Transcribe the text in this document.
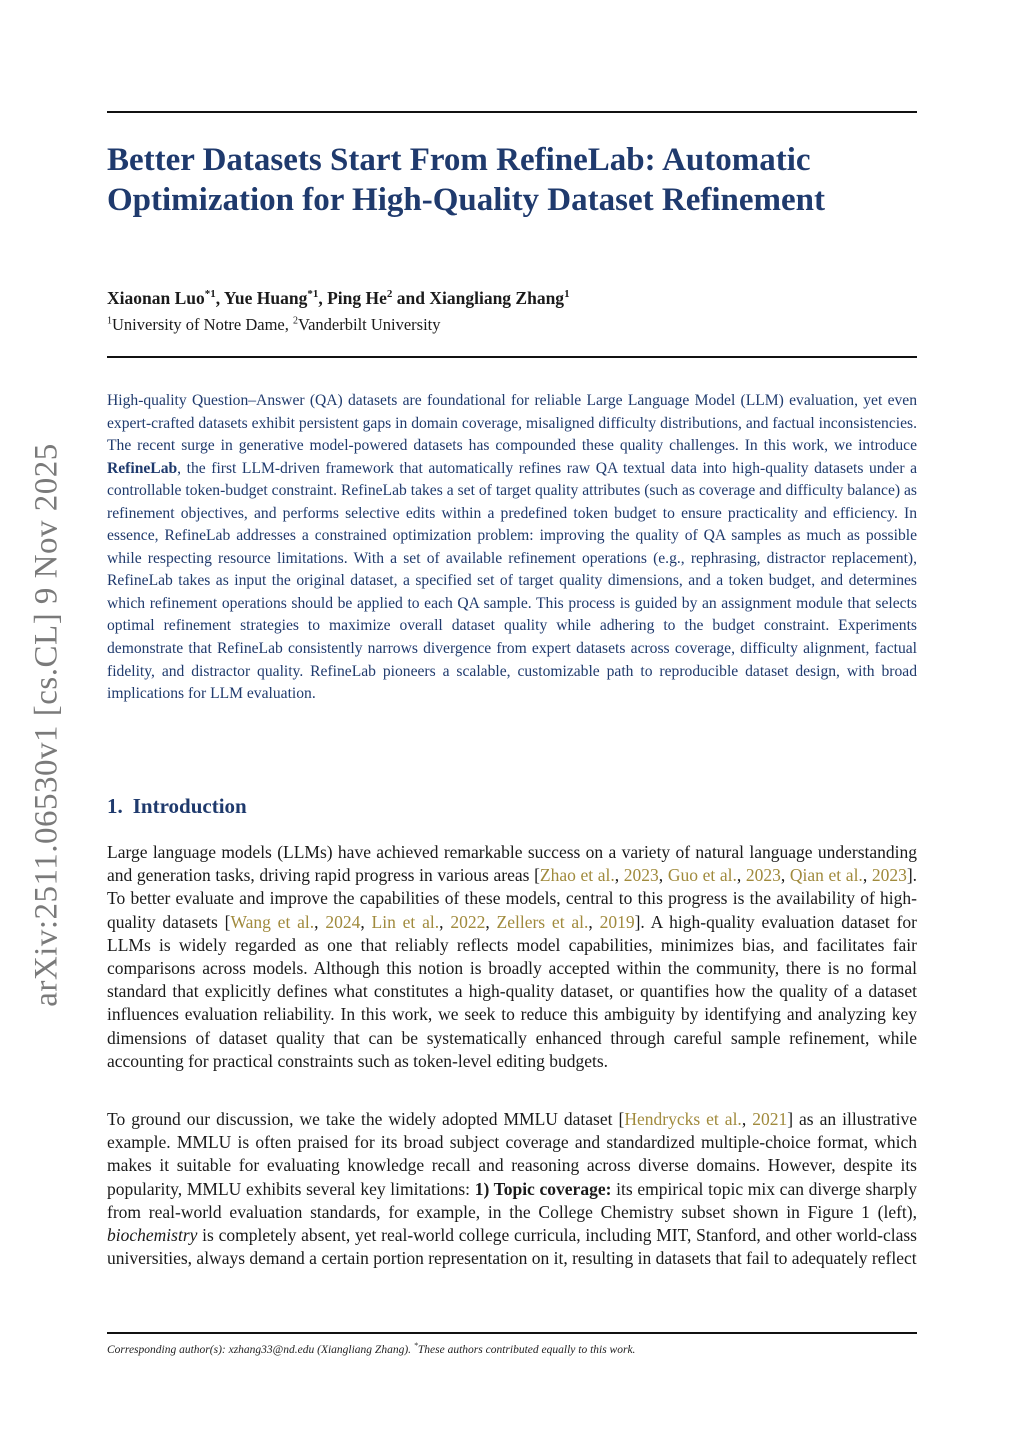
arXiv:2511.06530v1 [cs.CL] 9 Nov 2025
Better Datasets Start From RefineLab: Automatic Optimization for High-Quality Dataset Refinement
Xiaonan Luo$^{*1}$, Yue Huang$^{*1}$, Ping He$^2$ and Xiangliang Zhang$^1$
$^1$University of Notre Dame, $^2$Vanderbilt University

High-quality Question–Answer (QA) datasets are foundational for reliable Large Language Model (LLM) evaluation, yet even expert-crafted datasets exhibit persistent gaps in domain coverage, misaligned difficulty distributions, and factual inconsistencies. The recent surge in generative model-powered datasets has compounded these quality challenges. In this work, we introduce RefineLab, the first LLM-driven framework that automatically refines raw QA textual data into high-quality datasets under a controllable token-budget constraint. RefineLab takes a set of target quality attributes (such as coverage and difficulty balance) as refinement objectives, and performs selective edits within a predefined token budget to ensure practicality and efficiency. In essence, RefineLab addresses a constrained optimization problem: improving the quality of QA samples as much as possible while respecting resource limitations. With a set of available refinement operations (e.g., rephrasing, distractor replacement), RefineLab takes as input the original dataset, a specified set of target quality dimensions, and a token budget, and determines which refinement operations should be applied to each QA sample. This process is guided by an assignment module that selects optimal refinement strategies to maximize overall dataset quality while adhering to the budget constraint. Experiments demonstrate that RefineLab consistently narrows divergence from expert datasets across coverage, difficulty alignment, factual fidelity, and distractor quality. RefineLab pioneers a scalable, customizable path to reproducible dataset design, with broad implications for LLM evaluation.

1. Introduction

Large language models (LLMs) have achieved remarkable success on a variety of natural language understanding and generation tasks, driving rapid progress in various areas [Zhao et al., 2023, Guo et al., 2023, Qian et al., 2023]. To better evaluate and improve the capabilities of these models, central to this progress is the availability of high-quality datasets [Wang et al., 2024, Lin et al., 2022, Zellers et al., 2019]. A high-quality evaluation dataset for LLMs is widely regarded as one that reliably reflects model capabilities, minimizes bias, and facilitates fair comparisons across models. Although this notion is broadly accepted within the community, there is no formal standard that explicitly defines what constitutes a high-quality dataset, or quantifies how the quality of a dataset influences evaluation reliability. In this work, we seek to reduce this ambiguity by identifying and analyzing key dimensions of dataset quality that can be systematically enhanced through careful sample refinement, while accounting for practical constraints such as token-level editing budgets.

To ground our discussion, we take the widely adopted MMLU dataset [Hendrycks et al., 2021] as an illustrative example. MMLU is often praised for its broad subject coverage and standardized multiple-choice format, which makes it suitable for evaluating knowledge recall and reasoning across diverse domains. However, despite its popularity, MMLU exhibits several key limitations: 1) Topic coverage: its empirical topic mix can diverge sharply from real-world evaluation standards, for example, in the College Chemistry subset shown in Figure 1 (left), biochemistry is completely absent, yet real-world college curricula, including MIT, Stanford, and other world-class universities, always demand a certain portion representation on it, resulting in datasets that fail to adequately reflect

Corresponding author(s): xzhang33@nd.edu (Xiangliang Zhang). *These authors contributed equally to this work.
